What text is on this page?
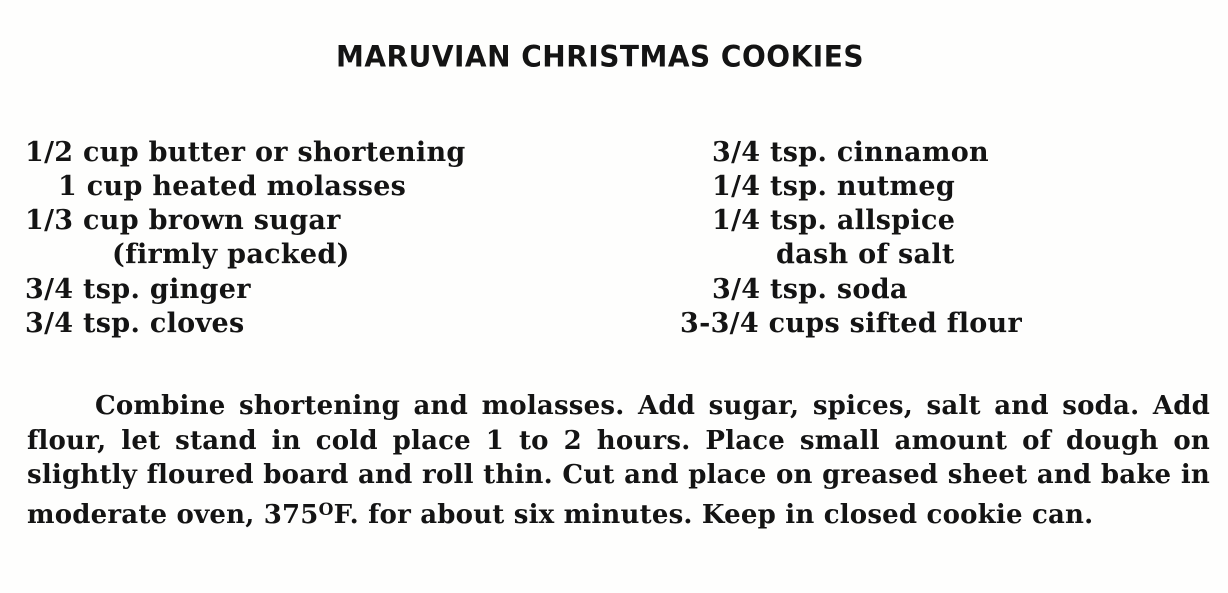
MARUVIAN CHRISTMAS COOKIES
1/2 cup butter or shortening
1 cup heated molasses
1/3 cup brown sugar
(firmly packed)
3/4 tsp. ginger
3/4 tsp. cloves
3/4 tsp. cinnamon
1/4 tsp. nutmeg
1/4 tsp. allspice
dash of salt
3/4 tsp. soda
3-3/4 cups sifted flour
Combine shortening and molasses. Add sugar, spices, salt and soda. Add flour, let stand in cold place 1 to 2 hours. Place small amount of dough on slightly floured board and roll thin. Cut and place on greased sheet and bake in moderate oven, $375^OF$. for about six minutes. Keep in closed cookie can.
